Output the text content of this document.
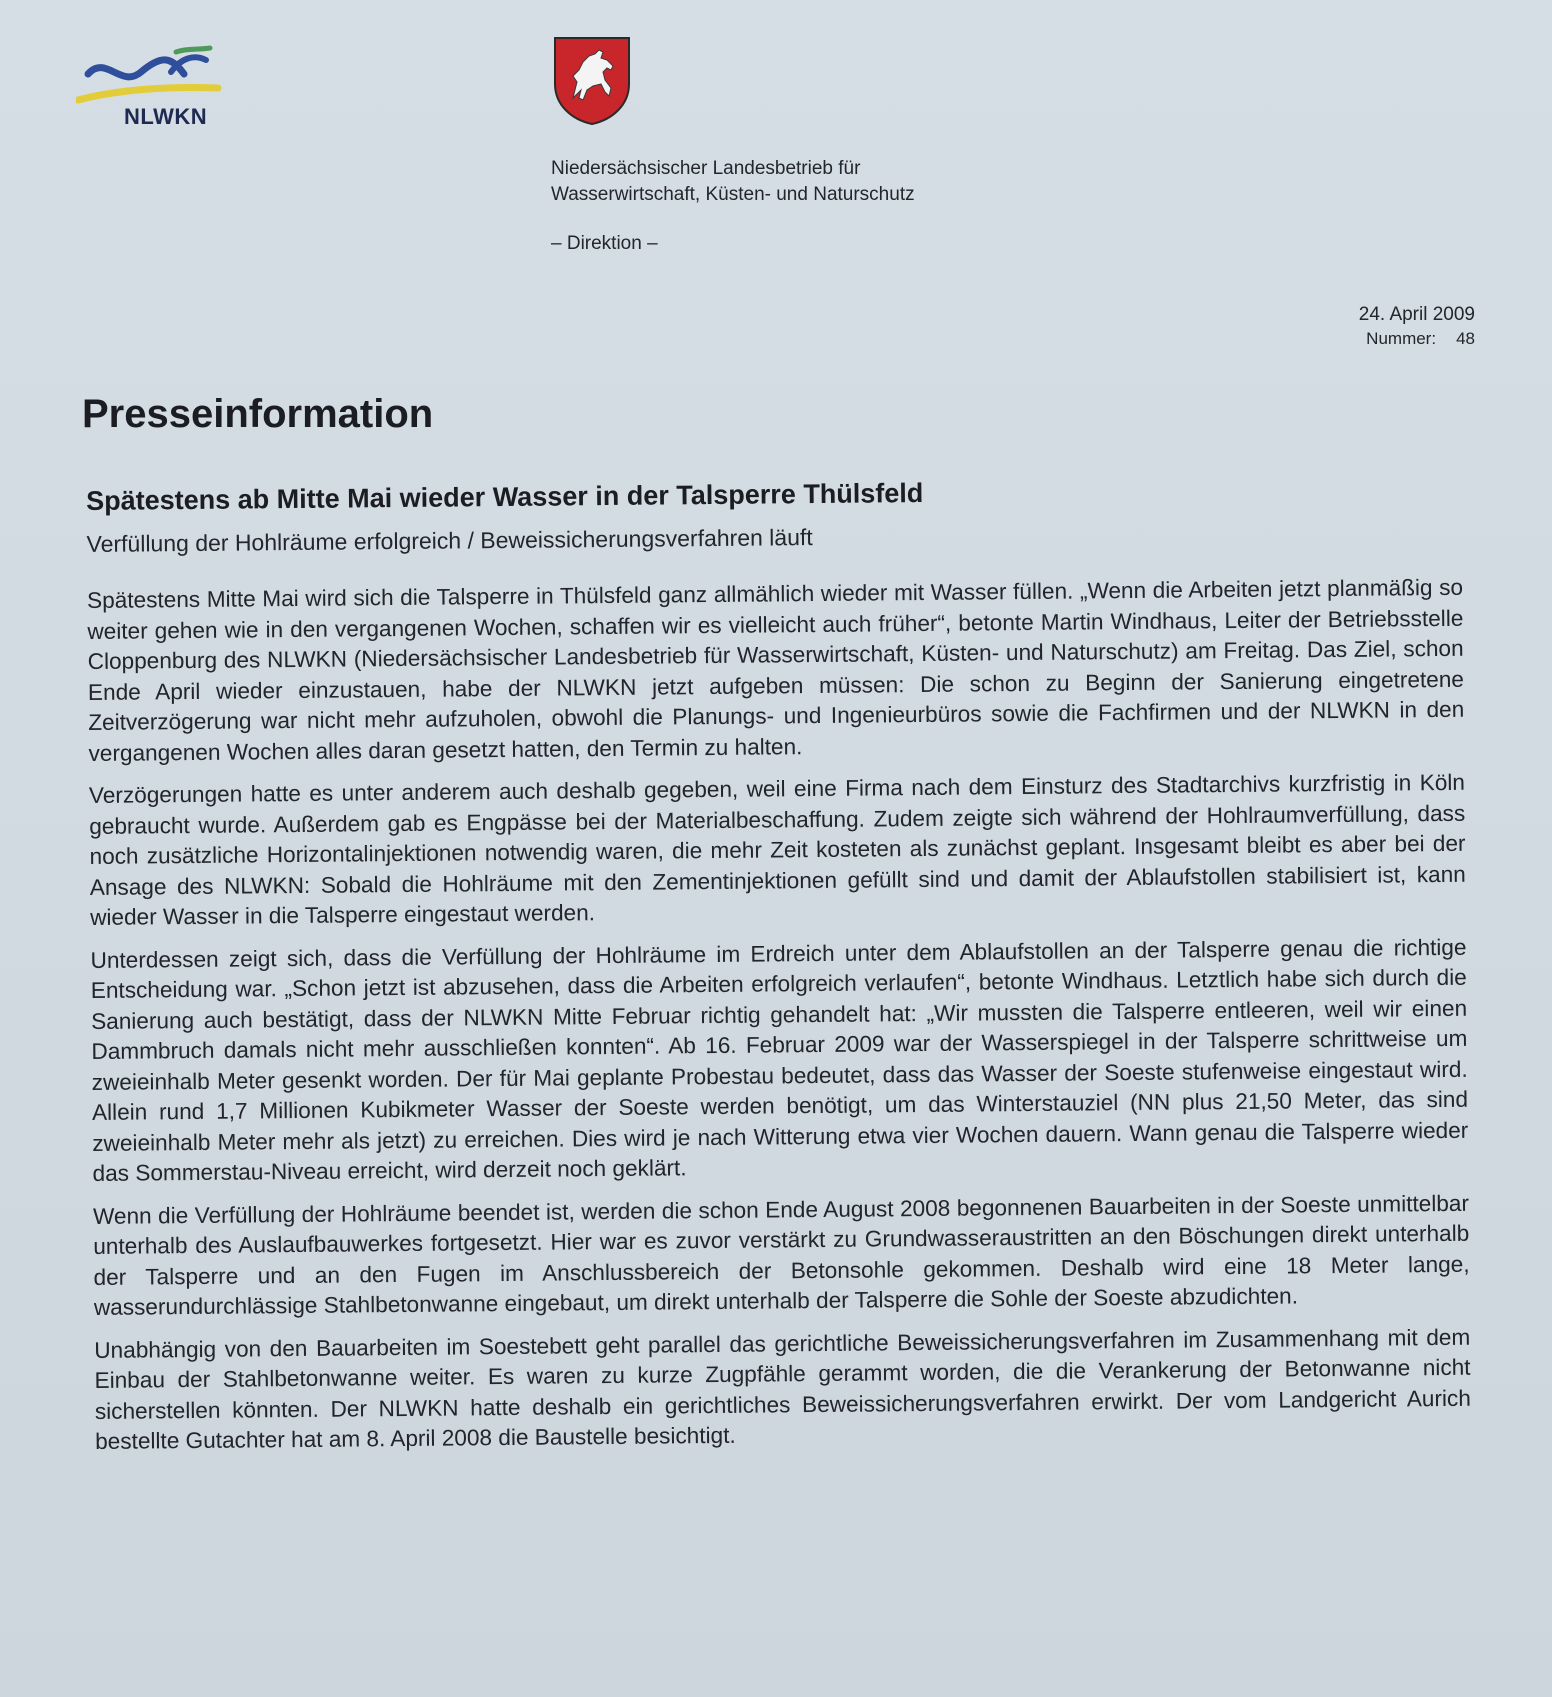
NLWKN
Niedersächsischer Landesbetrieb für
Wasserwirtschaft, Küsten- und Naturschutz
– Direktion –
24. April 2009
Nummer: 48
Presseinformation
Spätestens ab Mitte Mai wieder Wasser in der Talsperre Thülsfeld
Verfüllung der Hohlräume erfolgreich / Beweissicherungsverfahren läuft

Spätestens Mitte Mai wird sich die Talsperre in Thülsfeld ganz allmählich wieder mit Wasser füllen. „Wenn die Arbeiten jetzt planmäßig so weiter gehen wie in den vergangenen Wochen, schaffen wir es vielleicht auch früher“, betonte Martin Windhaus, Leiter der Betriebsstelle Cloppenburg des NLWKN (Niedersächsischer Landesbetrieb für Wasserwirtschaft, Küsten- und Naturschutz) am Freitag. Das Ziel, schon Ende April wieder einzustauen, habe der NLWKN jetzt aufgeben müssen: Die schon zu Beginn der Sanierung eingetretene Zeitverzögerung war nicht mehr aufzuholen, obwohl die Planungs- und Ingenieurbüros sowie die Fachfirmen und der NLWKN in den vergangenen Wochen alles daran gesetzt hatten, den Termin zu halten.

Verzögerungen hatte es unter anderem auch deshalb gegeben, weil eine Firma nach dem Einsturz des Stadtarchivs kurzfristig in Köln gebraucht wurde. Außerdem gab es Engpässe bei der Materialbeschaffung. Zudem zeigte sich während der Hohlraumverfüllung, dass noch zusätzliche Horizontalinjektionen notwendig waren, die mehr Zeit kosteten als zunächst geplant. Insgesamt bleibt es aber bei der Ansage des NLWKN: Sobald die Hohlräume mit den Zementinjektionen gefüllt sind und damit der Ablaufstollen stabilisiert ist, kann wieder Wasser in die Talsperre eingestaut werden.

Unterdessen zeigt sich, dass die Verfüllung der Hohlräume im Erdreich unter dem Ablaufstollen an der Talsperre genau die richtige Entscheidung war. „Schon jetzt ist abzusehen, dass die Arbeiten erfolgreich verlaufen“, betonte Windhaus. Letztlich habe sich durch die Sanierung auch bestätigt, dass der NLWKN Mitte Februar richtig gehandelt hat: „Wir mussten die Talsperre entleeren, weil wir einen Dammbruch damals nicht mehr ausschließen konnten“. Ab 16. Februar 2009 war der Wasserspiegel in der Talsperre schrittweise um zweieinhalb Meter gesenkt worden. Der für Mai geplante Probestau bedeutet, dass das Wasser der Soeste stufenweise eingestaut wird. Allein rund 1,7 Millionen Kubikmeter Wasser der Soeste werden benötigt, um das Winterstauziel (NN plus 21,50 Meter, das sind zweieinhalb Meter mehr als jetzt) zu erreichen. Dies wird je nach Witterung etwa vier Wochen dauern. Wann genau die Talsperre wieder das Sommerstau-Niveau erreicht, wird derzeit noch geklärt.

Wenn die Verfüllung der Hohlräume beendet ist, werden die schon Ende August 2008 begonnenen Bauarbeiten in der Soeste unmittelbar unterhalb des Auslaufbauwerkes fortgesetzt. Hier war es zuvor verstärkt zu Grundwasseraustritten an den Böschungen direkt unterhalb der Talsperre und an den Fugen im Anschlussbereich der Betonsohle gekommen. Deshalb wird eine 18 Meter lange, wasserundurchlässige Stahlbetonwanne eingebaut, um direkt unterhalb der Talsperre die Sohle der Soeste abzudichten.

Unabhängig von den Bauarbeiten im Soestebett geht parallel das gerichtliche Beweissicherungsverfahren im Zusammenhang mit dem Einbau der Stahlbetonwanne weiter. Es waren zu kurze Zugpfähle gerammt worden, die die Verankerung der Betonwanne nicht sicherstellen könnten. Der NLWKN hatte deshalb ein gerichtliches Beweissicherungsverfahren erwirkt. Der vom Landgericht Aurich bestellte Gutachter hat am 8. April 2008 die Baustelle besichtigt.
